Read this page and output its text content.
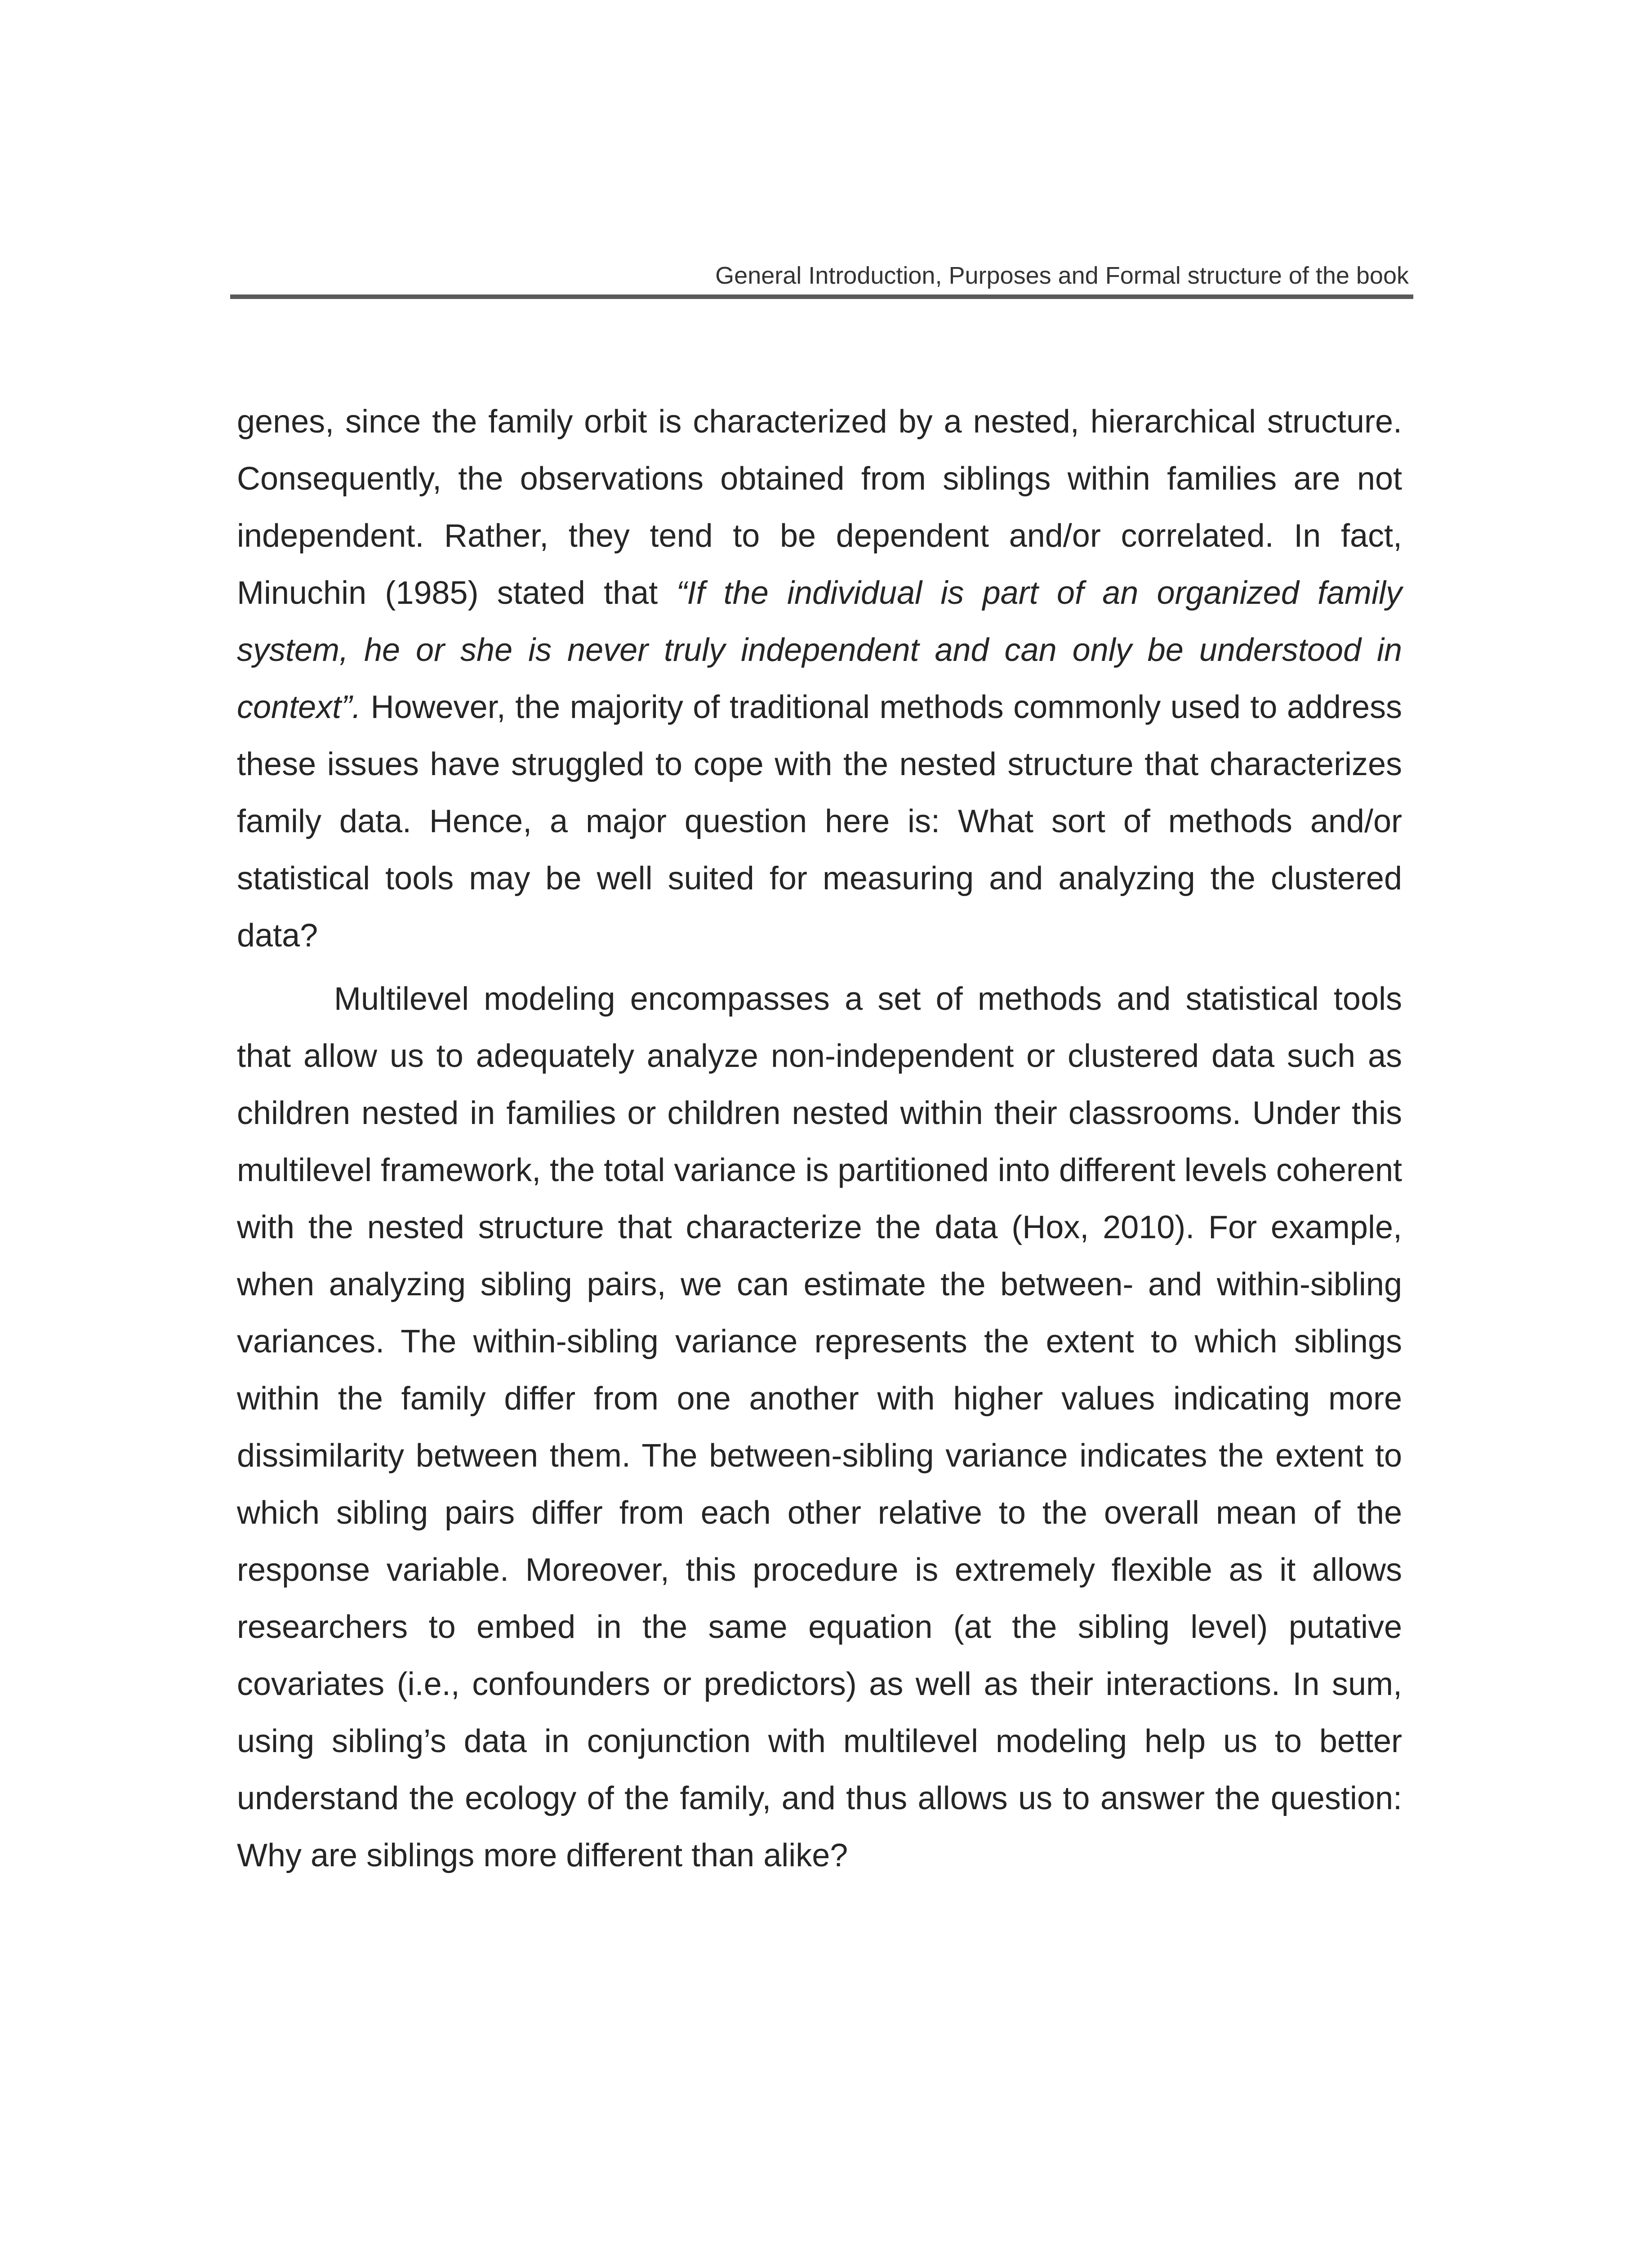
General Introduction, Purposes and Formal structure of the book

genes, since the family orbit is characterized by a nested, hierarchical structure. Consequently, the observations obtained from siblings within families are not independent. Rather, they tend to be dependent and/or correlated. In fact, Minuchin (1985) stated that “If the individual is part of an organized family system, he or she is never truly independent and can only be understood in context”. However, the majority of traditional methods commonly used to address these issues have struggled to cope with the nested structure that characterizes family data. Hence, a major question here is: What sort of methods and/or statistical tools may be well suited for measuring and analyzing the clustered data?

Multilevel modeling encompasses a set of methods and statistical tools that allow us to adequately analyze non-independent or clustered data such as children nested in families or children nested within their classrooms. Under this multilevel framework, the total variance is partitioned into different levels coherent with the nested structure that characterize the data (Hox, 2010). For example, when analyzing sibling pairs, we can estimate the between- and within-sibling variances. The within-sibling variance represents the extent to which siblings within the family differ from one another with higher values indicating more dissimilarity between them. The between-sibling variance indicates the extent to which sibling pairs differ from each other relative to the overall mean of the response variable. Moreover, this procedure is extremely flexible as it allows researchers to embed in the same equation (at the sibling level) putative covariates (i.e., confounders or predictors) as well as their interactions. In sum, using sibling’s data in conjunction with multilevel modeling help us to better understand the ecology of the family, and thus allows us to answer the question: Why are siblings more different than alike?
